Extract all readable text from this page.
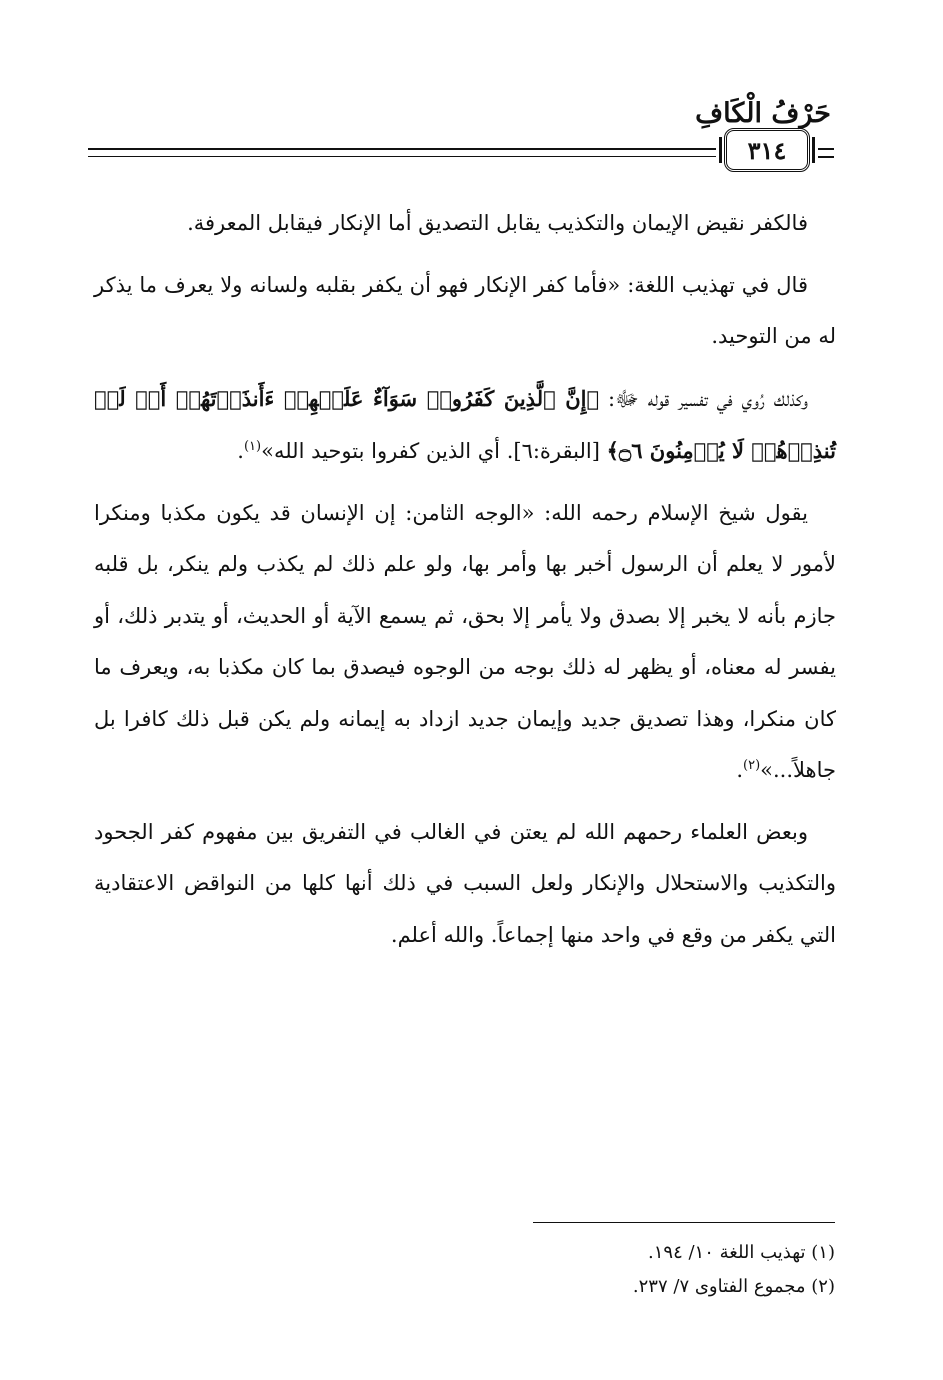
حَرْفُ الْكَافِ
٣١٤

فالكفر نقيض الإيمان والتكذيب يقابل التصديق أما الإنكار فيقابل المعرفة.

قال في تهذيب اللغة: «فأما كفر الإنكار فهو أن يكفر بقلبه ولسانه ولا يعرف ما يذكر له من التوحيد.

وكذلك رُوي في تفسير قوله ﷻ: ﴿إِنَّ ٱلَّذِينَ كَفَرُوا۟ سَوَآءٌ عَلَيۡهِمۡ ءَأَنذَرۡتَهُمۡ أَمۡ لَمۡ تُنذِرۡهُمۡ لَا يُؤۡمِنُونَ ۝٦﴾ [البقرة:٦]. أي الذين كفروا بتوحيد الله»$^{(١)}$.

يقول شيخ الإسلام رحمه الله: «الوجه الثامن: إن الإنسان قد يكون مكذبا ومنكرا لأمور لا يعلم أن الرسول أخبر بها وأمر بها، ولو علم ذلك لم يكذب ولم ينكر، بل قلبه جازم بأنه لا يخبر إلا بصدق ولا يأمر إلا بحق، ثم يسمع الآية أو الحديث، أو يتدبر ذلك، أو يفسر له معناه، أو يظهر له ذلك بوجه من الوجوه فيصدق بما كان مكذبا به، ويعرف ما كان منكرا، وهذا تصديق جديد وإيمان جديد ازداد به إيمانه ولم يكن قبل ذلك كافرا بل جاهلاً...»$^{(٢)}$.

وبعض العلماء رحمهم الله لم يعتن في الغالب في التفريق بين مفهوم كفر الجحود والتكذيب والاستحلال والإنكار ولعل السبب في ذلك أنها كلها من النواقض الاعتقادية التي يكفر من وقع في واحد منها إجماعاً. والله أعلم.

(١) تهذيب اللغة ١٠/ ١٩٤.
(٢) مجموع الفتاوى ٧/ ٢٣٧.
